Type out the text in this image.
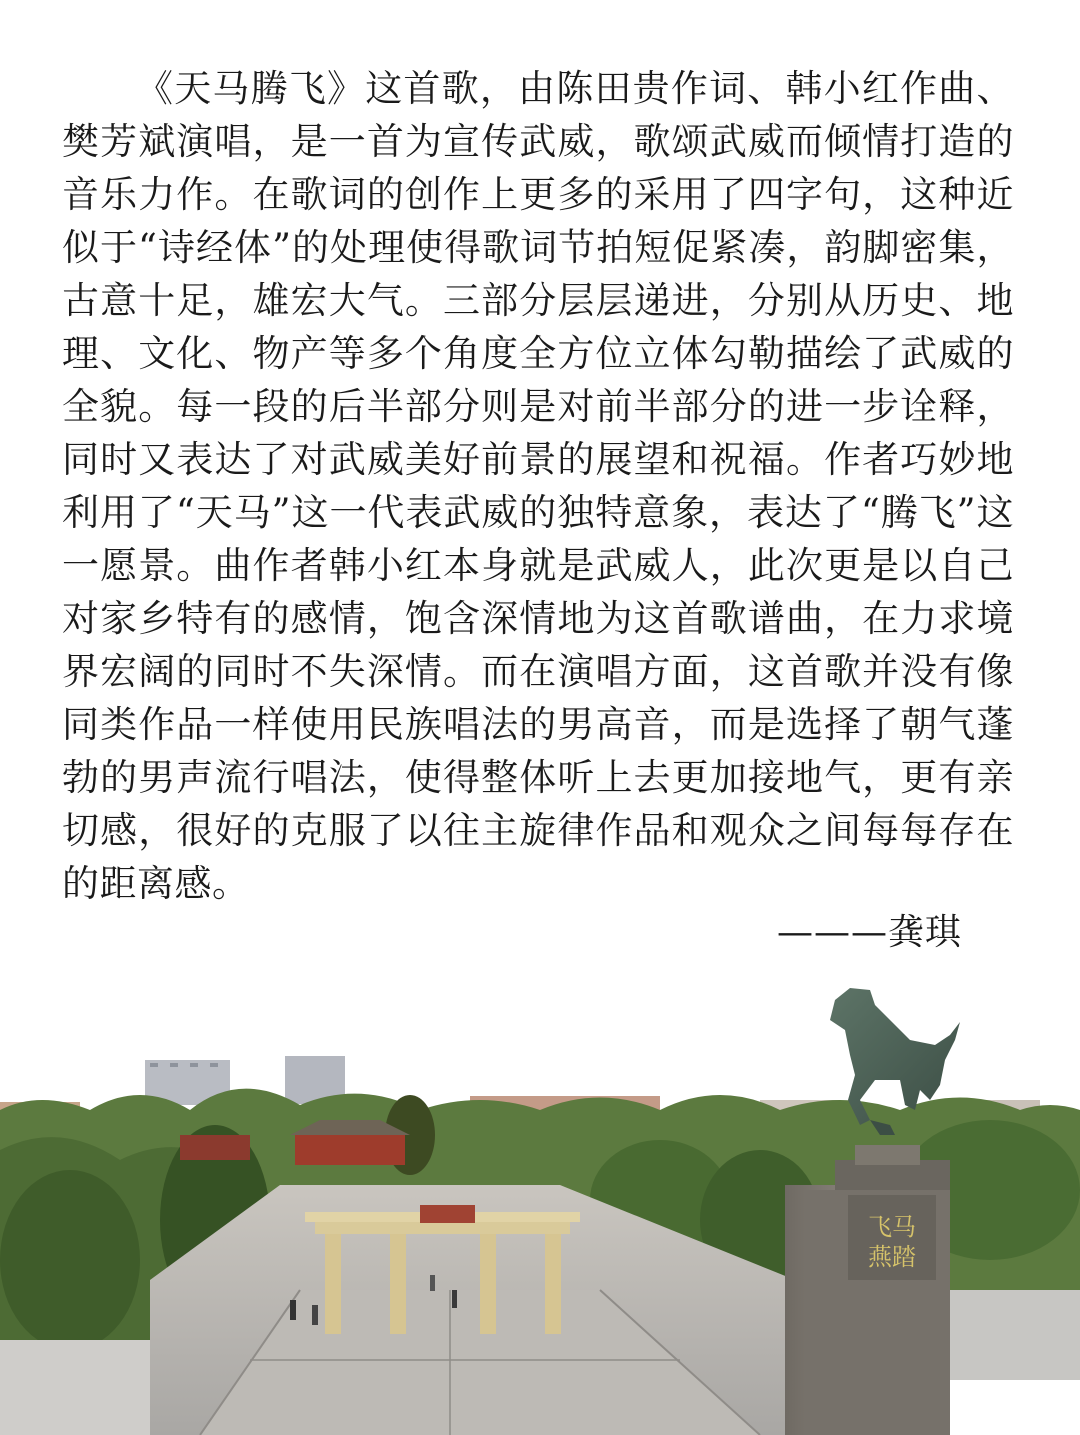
《天马腾飞》这首歌，由陈田贵作词、韩小红作曲、樊芳斌演唱，是一首为宣传武威，歌颂武威而倾情打造的音乐力作。在歌词的创作上更多的采用了四字句，这种近似于“诗经体”的处理使得歌词节拍短促紧凑，韵脚密集，古意十足，雄宏大气。三部分层层递进，分别从历史、地理、文化、物产等多个角度全方位立体勾勒描绘了武威的全貌。每一段的后半部分则是对前半部分的进一步诠释，同时又表达了对武威美好前景的展望和祝福。作者巧妙地利用了“天马”这一代表武威的独特意象，表达了“腾飞”这一愿景。曲作者韩小红本身就是武威人，此次更是以自己对家乡特有的感情，饱含深情地为这首歌谱曲，在力求境界宏阔的同时不失深情。而在演唱方面，这首歌并没有像同类作品一样使用民族唱法的男高音，而是选择了朝气蓬勃的男声流行唱法，使得整体听上去更加接地气，更有亲切感，很好的克服了以往主旋律作品和观众之间每每存在的距离感。

———龚琪
飞马
燕踏
